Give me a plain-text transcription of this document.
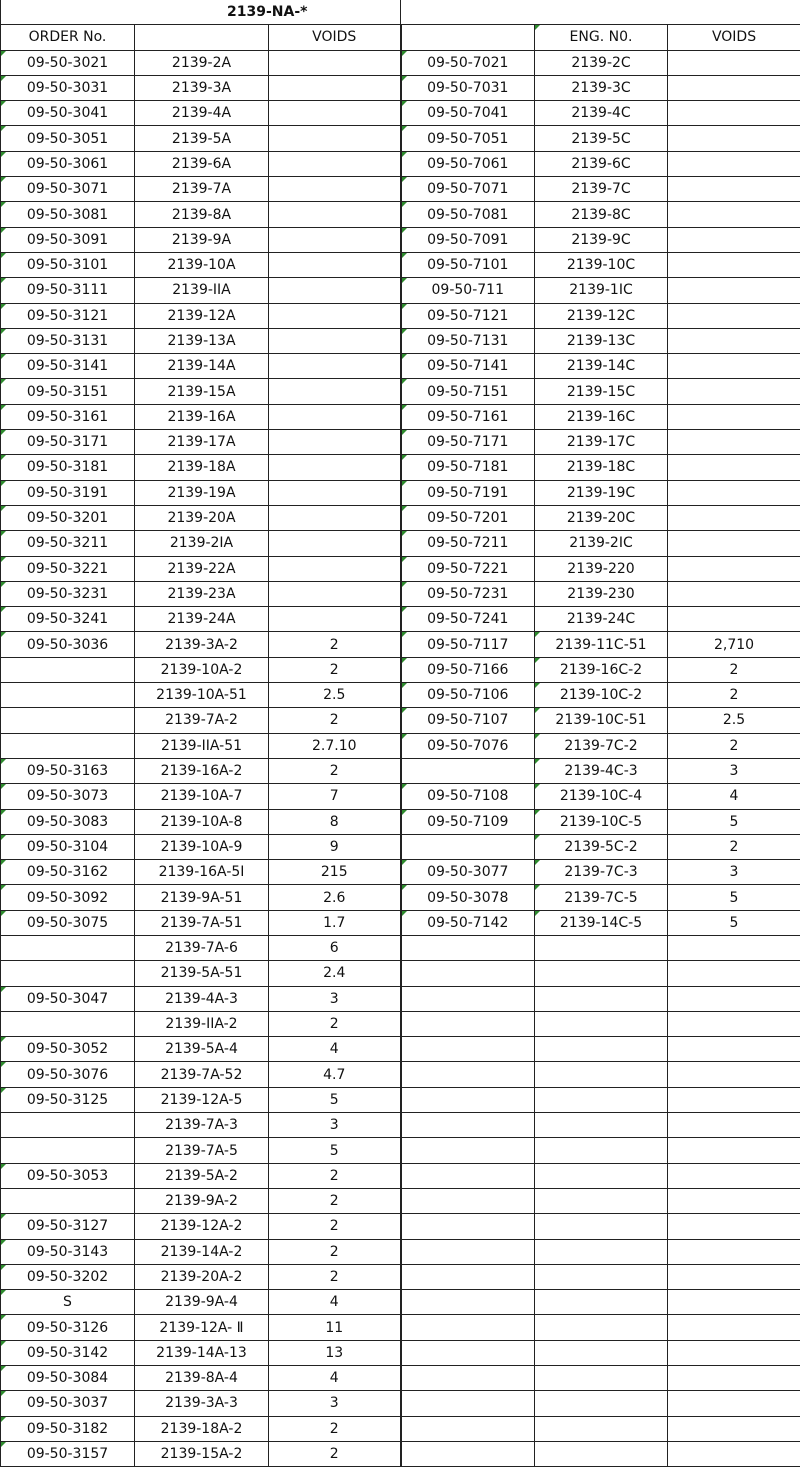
	2139-NA-*				
ORDER No.		VOIDS		ENG. N0.	VOIDS
09-50-3021	2139-2A		09-50-7021	2139-2C	
09-50-3031	2139-3A		09-50-7031	2139-3C	
09-50-3041	2139-4A		09-50-7041	2139-4C	
09-50-3051	2139-5A		09-50-7051	2139-5C	
09-50-3061	2139-6A		09-50-7061	2139-6C	
09-50-3071	2139-7A		09-50-7071	2139-7C	
09-50-3081	2139-8A		09-50-7081	2139-8C	
09-50-3091	2139-9A		09-50-7091	2139-9C	
09-50-3101	2139-10A		09-50-7101	2139-10C	
09-50-3111	2139-IIA		09-50-711	2139-1IC	
09-50-3121	2139-12A		09-50-7121	2139-12C	
09-50-3131	2139-13A		09-50-7131	2139-13C	
09-50-3141	2139-14A		09-50-7141	2139-14C	
09-50-3151	2139-15A		09-50-7151	2139-15C	
09-50-3161	2139-16A		09-50-7161	2139-16C	
09-50-3171	2139-17A		09-50-7171	2139-17C	
09-50-3181	2139-18A		09-50-7181	2139-18C	
09-50-3191	2139-19A		09-50-7191	2139-19C	
09-50-3201	2139-20A		09-50-7201	2139-20C	
09-50-3211	2139-2IA		09-50-7211	2139-2IC	
09-50-3221	2139-22A		09-50-7221	2139-220	
09-50-3231	2139-23A		09-50-7231	2139-230	
09-50-3241	2139-24A		09-50-7241	2139-24C	
09-50-3036	2139-3A-2	2	09-50-7117	2139-11C-51	2,710
	2139-10A-2	2	09-50-7166	2139-16C-2	2
	2139-10A-51	2.5	09-50-7106	2139-10C-2	2
	2139-7A-2	2	09-50-7107	2139-10C-51	2.5
	2139-IIA-51	2.7.10	09-50-7076	2139-7C-2	2
09-50-3163	2139-16A-2	2		2139-4C-3	3
09-50-3073	2139-10A-7	7	09-50-7108	2139-10C-4	4
09-50-3083	2139-10A-8	8	09-50-7109	2139-10C-5	5
09-50-3104	2139-10A-9	9		2139-5C-2	2
09-50-3162	2139-16A-5I	215	09-50-3077	2139-7C-3	3
09-50-3092	2139-9A-51	2.6	09-50-3078	2139-7C-5	5
09-50-3075	2139-7A-51	1.7	09-50-7142	2139-14C-5	5
	2139-7A-6	6			
	2139-5A-51	2.4			
09-50-3047	2139-4A-3	3			
	2139-IIA-2	2			
09-50-3052	2139-5A-4	4			
09-50-3076	2139-7A-52	4.7			
09-50-3125	2139-12A-5	5			
	2139-7A-3	3			
	2139-7A-5	5			
09-50-3053	2139-5A-2	2			
	2139-9A-2	2			
09-50-3127	2139-12A-2	2			
09-50-3143	2139-14A-2	2			
09-50-3202	2139-20A-2	2			
S	2139-9A-4	4			
09-50-3126	2139-12A- Ⅱ	11			
09-50-3142	2139-14A-13	13			
09-50-3084	2139-8A-4	4			
09-50-3037	2139-3A-3	3			
09-50-3182	2139-18A-2	2			
09-50-3157	2139-15A-2	2			
